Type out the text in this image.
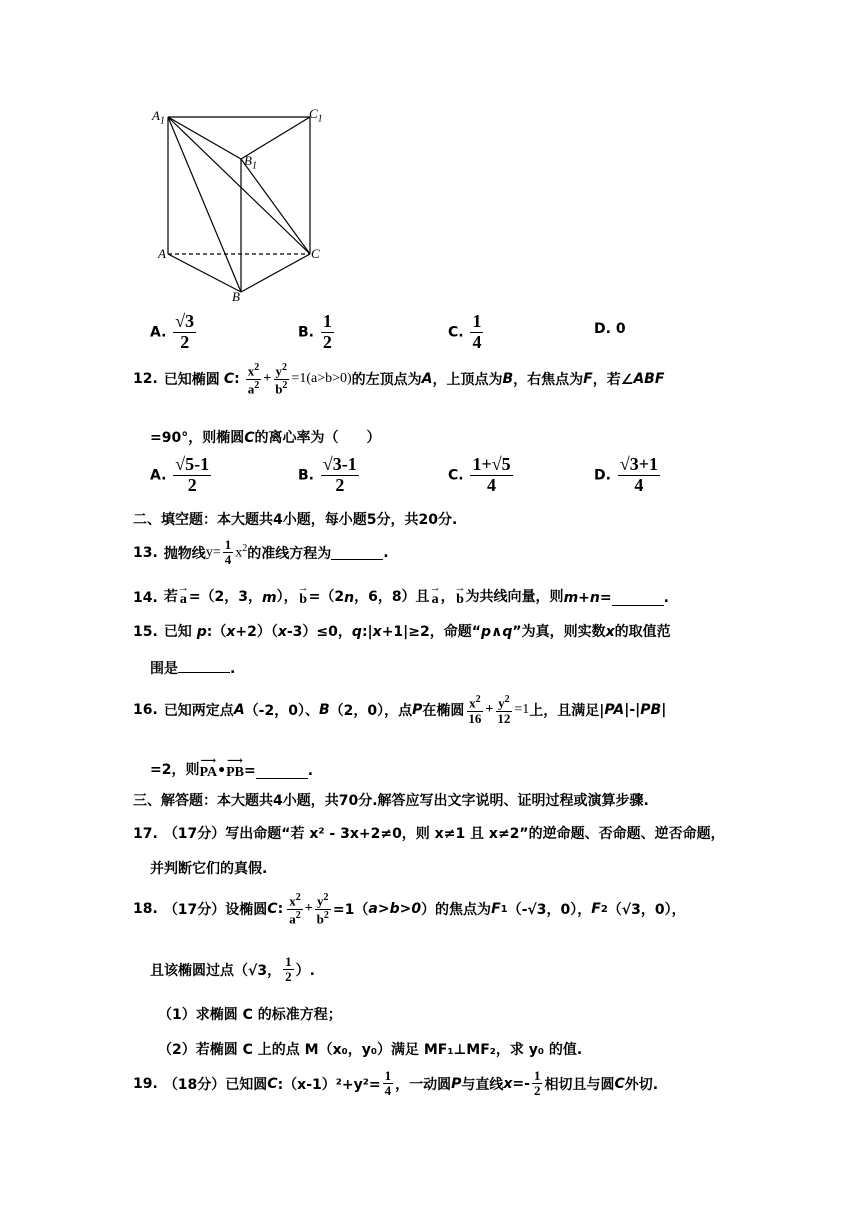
$A_1$
$C_1$
$B_1$
A
B
C
A. $\frac{√3}{2}$	B. $\frac{1}{2}$	C. $\frac{1}{4}$	D. 0
12. 已知椭圆 C : $\frac{x^2}{a^2} + \frac{y^2}{b^2} =1(a>b>0)$ 的左顶点为 A ，上顶点为 B ，右焦点为 F ，若∠ ABF
=90°，则椭圆C的离心率为（　　）
A. $\frac{√5-1}{2}$	B. $\frac{√3-1}{2}$	C. $\frac{1+√5}{4}$	D. $\frac{√3+1}{4}$
二、填空题：本大题共4小题，每小题5分，共20分.
13. 抛物线 $y= \frac{1}{4} x^2$ 的准线方程为	.
14. 若
→
a =（2，3， m ），
→
b =（2 n ，6，8）且
→
a ，
→
b 为共线向量，则 m+n =	.
15. 已知 p:（x+2）（x-3）≤0，q:|x+1|≥2，命题“p∧q”为真，则实数x的取值范
围是	.
16. 已知两定点 A （-2，0）、 B （2，0），点 P 在椭圆 $\frac{x^2}{16} + \frac{y^2}{12} =1$ 上，且满足| PA |-| PB |
=2，则
⟶
PA •
⟶
PB =	.
三、解答题：本大题共4小题，共70分.解答应写出文字说明、证明过程或演算步骤.
17. （17分）写出命题“若 x² - 3x+2≠0，则 x≠1 且 x≠2”的逆命题、否命题、逆否命题，
并判断它们的真假.
18. （17分）设椭圆 C : $\frac{x^2}{a^2} + \frac{y^2}{b^2} =1$（ a>b>0 ）的焦点为 F 1 （-√3，0）， F 2 （√3，0），
且该椭圆过点（√3， $\frac{1}{2}$ ）.
（1）求椭圆 C 的标准方程；
（2）若椭圆 C 上的点 M（x₀，y₀）满足 MF₁⊥MF₂，求 y₀ 的值.
19. （18分）已知圆 C :（x-1）²+y²= $\frac{1}{4}$ ，一动圆 P 与直线 $x =- \frac{1}{2}$ 相切且与圆 C 外切.
